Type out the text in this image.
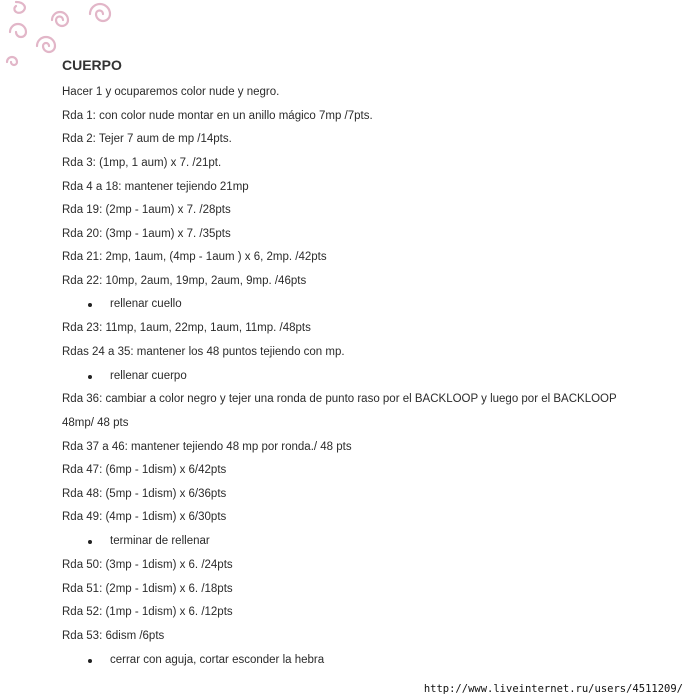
CUERPO
Hacer 1 y ocuparemos color nude y negro.
Rda 1: con color nude montar en un anillo mágico 7mp /7pts.
Rda 2: Tejer 7 aum de mp /14pts.
Rda 3: (1mp, 1 aum) x 7. /21pt.
Rda 4 a 18: mantener tejiendo 21mp
Rda 19: (2mp - 1aum) x 7. /28pts
Rda 20: (3mp - 1aum) x 7. /35pts
Rda 21: 2mp, 1aum, (4mp - 1aum ) x 6, 2mp. /42pts
Rda 22: 10mp, 2aum, 19mp, 2aum, 9mp. /46pts
rellenar cuello
Rda 23: 11mp, 1aum, 22mp, 1aum, 11mp. /48pts
Rdas 24 a 35: mantener los 48 puntos tejiendo con mp.
rellenar cuerpo
Rda 36: cambiar a color negro y tejer una ronda de punto raso por el BACKLOOP y luego por el BACKLOOP
48mp/ 48 pts
Rda 37 a 46: mantener tejiendo 48 mp por ronda./ 48 pts
Rda 47: (6mp - 1dism) x 6/42pts
Rda 48: (5mp - 1dism) x 6/36pts
Rda 49: (4mp - 1dism) x 6/30pts
terminar de rellenar
Rda 50: (3mp - 1dism) x 6. /24pts
Rda 51: (2mp - 1dism) x 6. /18pts
Rda 52: (1mp - 1dism) x 6. /12pts
Rda 53: 6dism /6pts
cerrar con aguja, cortar esconder la hebra
http://www.liveinternet.ru/users/4511209/
